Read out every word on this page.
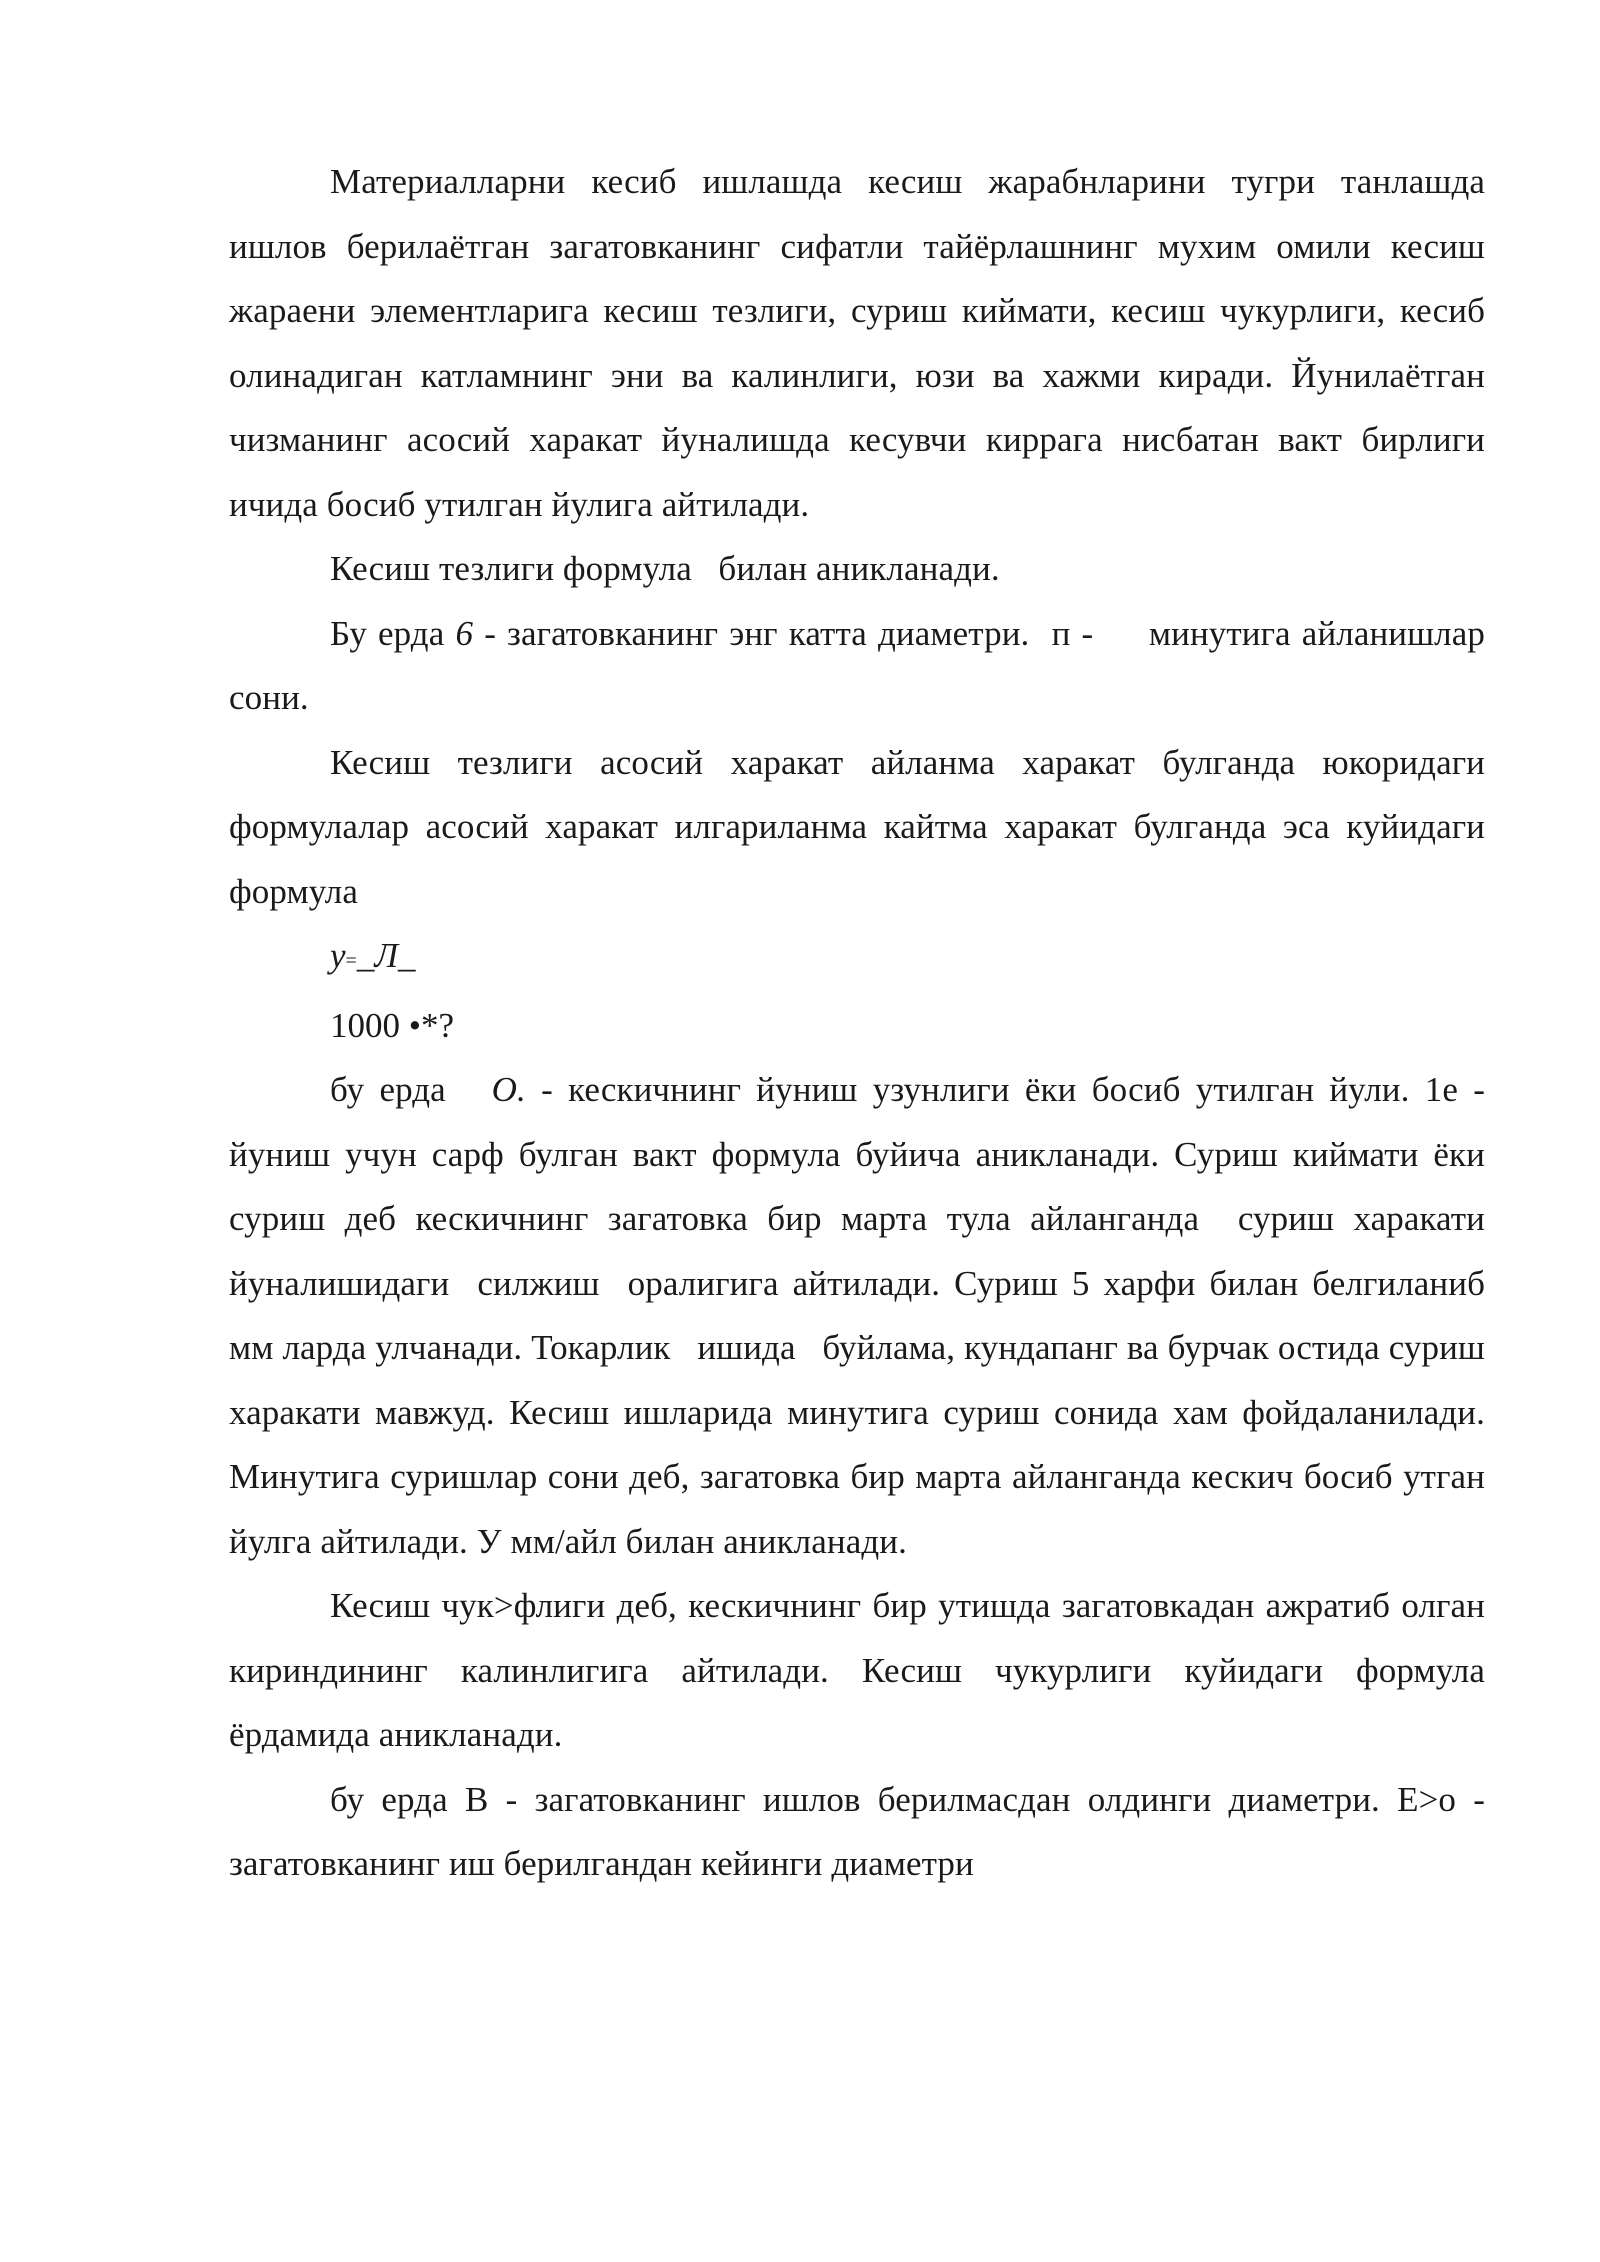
Материалларни кесиб ишлашда кесиш жарабнларини тугри танлашда ишлов берилаётган загатовканинг сифатли тайёрлашнинг мухим омили кесиш жараени элементларига кесиш тезлиги, суриш киймати, кесиш чукурлиги, кесиб олинадиган катламнинг эни ва калинлиги, юзи ва хажми киради. Йунилаётган чизманинг асосий харакат йуналишда кесувчи киррага нисбатан вакт бирлиги ичида босиб утилган йулига айтилади.

Кесиш тезлиги формула   билан аникланади.

Бу ерда 6 - загатовканинг энг катта диаметри.  п -     минутига айланишлар сони.

Кесиш тезлиги асосий харакат айланма харакат булганда юкоридаги формулалар асосий харакат илгариланма кайтма харакат булганда эса куйидаги формула

у=_Л_

1000 •*?

бу ерда   О. - кескичнинг йуниш узунлиги ёки босиб утилган йули. 1е - йуниш учун сарф булган вакт формула буйича аникланади. Суриш киймати ёки суриш деб кескичнинг загатовка бир марта тула айланганда  суриш харакати  йуналишидаги  силжиш  оралигига айтилади. Суриш 5 харфи билан белгиланиб мм ларда улчанади. Токарлик   ишида   буйлама, кундапанг ва бурчак остида суриш харакати мавжуд. Кесиш ишларида минутига суриш сонида хам фойдаланилади. Минутига суришлар сони деб, загатовка бир марта айланганда кескич босиб утган йулга айтилади. У мм/айл билан аникланади.

Кесиш чук>флиги деб, кескичнинг бир утишда загатовкадан ажратиб олган кириндининг калинлигига айтилади. Кесиш чукурлиги куйидаги формула ёрдамида аникланади.

бу ерда В - загатовканинг ишлов берилмасдан олдинги диаметри. Е>о - загатовканинг иш берилгандан кейинги диаметри
